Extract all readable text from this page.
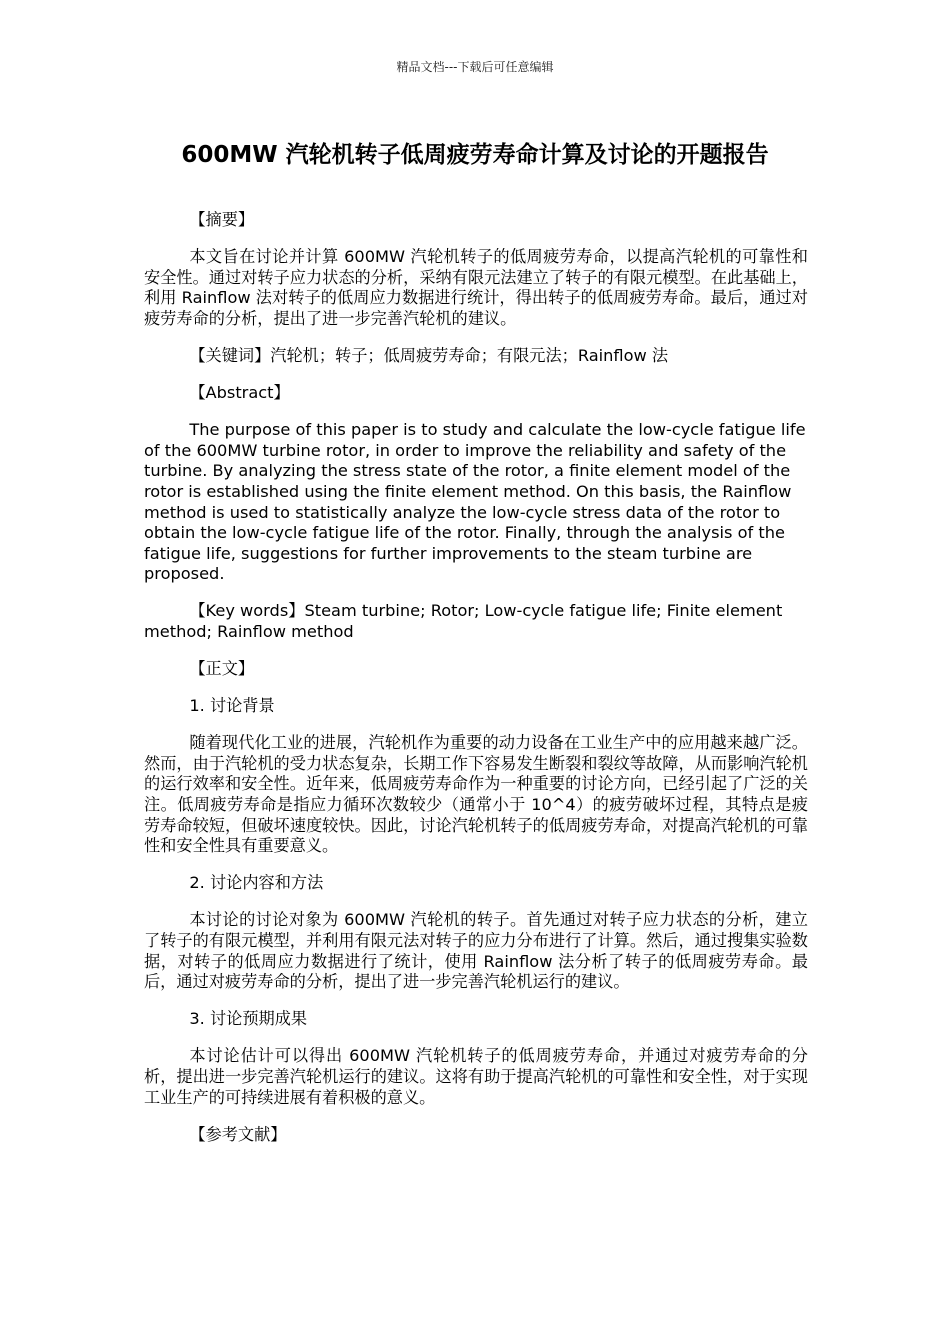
精品文档---下载后可任意编辑
600MW 汽轮机转子低周疲劳寿命计算及讨论的开题报告

【摘要】

本文旨在讨论并计算 600MW 汽轮机转子的低周疲劳寿命，以提高汽轮机的可靠性和安全性。通过对转子应力状态的分析，采纳有限元法建立了转子的有限元模型。在此基础上，利用 Rainflow 法对转子的低周应力数据进行统计，得出转子的低周疲劳寿命。最后，通过对疲劳寿命的分析，提出了进一步完善汽轮机的建议。

【关键词】汽轮机；转子；低周疲劳寿命；有限元法；Rainflow 法

【Abstract】

The purpose of this paper is to study and calculate the low-cycle fatigue life of the 600MW turbine rotor, in order to improve the reliability and safety of the turbine. By analyzing the stress state of the rotor, a finite element model of the rotor is established using the finite element method. On this basis, the Rainflow method is used to statistically analyze the low-cycle stress data of the rotor to obtain the low-cycle fatigue life of the rotor. Finally, through the analysis of the fatigue life, suggestions for further improvements to the steam turbine are proposed.

【Key words】Steam turbine; Rotor; Low-cycle fatigue life; Finite element method; Rainflow method

【正文】

1. 讨论背景

随着现代化工业的进展，汽轮机作为重要的动力设备在工业生产中的应用越来越广泛。然而，由于汽轮机的受力状态复杂，长期工作下容易发生断裂和裂纹等故障，从而影响汽轮机的运行效率和安全性。近年来，低周疲劳寿命作为一种重要的讨论方向，已经引起了广泛的关注。低周疲劳寿命是指应力循环次数较少（通常小于 10^4）的疲劳破坏过程，其特点是疲劳寿命较短，但破坏速度较快。因此，讨论汽轮机转子的低周疲劳寿命，对提高汽轮机的可靠性和安全性具有重要意义。

2. 讨论内容和方法

本讨论的讨论对象为 600MW 汽轮机的转子。首先通过对转子应力状态的分析，建立了转子的有限元模型，并利用有限元法对转子的应力分布进行了计算。然后，通过搜集实验数据，对转子的低周应力数据进行了统计，使用 Rainflow 法分析了转子的低周疲劳寿命。最后，通过对疲劳寿命的分析，提出了进一步完善汽轮机运行的建议。

3. 讨论预期成果

本讨论估计可以得出 600MW 汽轮机转子的低周疲劳寿命，并通过对疲劳寿命的分析，提出进一步完善汽轮机运行的建议。这将有助于提高汽轮机的可靠性和安全性，对于实现工业生产的可持续进展有着积极的意义。

【参考文献】
